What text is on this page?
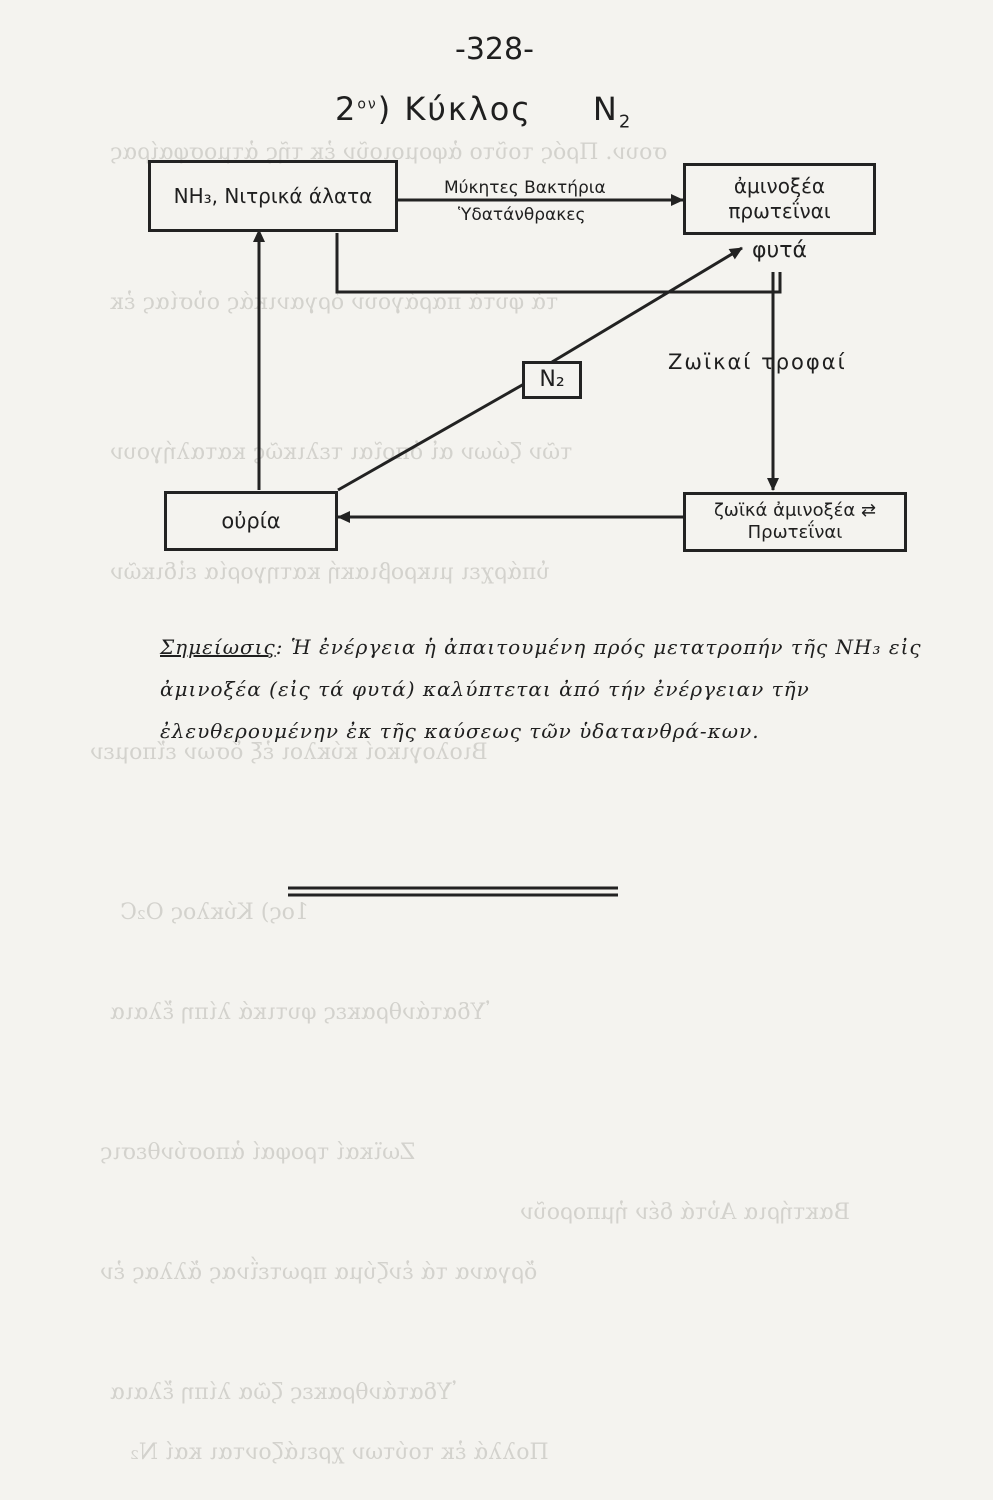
σουν. Πρός τοῦτο ἀφομοιοῦν ἐκ τῆς ἀτμοσφαίρας
τά φυτά παράγουν ὀργανικάς οὐσίας ἐκ
τῶν ζώων αἱ ὁποῖαι τελικῶς καταλήγουν
ὑπάρχει μικροβιακή κατηγορία εἰδικῶν
Βιολογικοί κύκλοι ἐξ ὅσων εἴπομεν
1ος) Κύκλος O₂C
Ὑδατάνθρακες φυτικά λίπη ἔλαια
Ζωϊκαί τροφαί ἀποσύνθεσις
ὄργανα τά ἐνζύμα πρωτεΐνας ἄλλας ἐν
Ὑδατάνθρακες ζῶα λίπη ἔλαια
Πολλά ἐκ τούτων χρειάζονται καί N₂
Βακτήρια Αὐτά δέν ἠμποροῦν
-328-
$2^{o\nu}$) Κύκλος $N_2$
NH₃, Νιτρικά άλατα	ἀμινοξέα πρωτεΐναι
φυτά
Μύκητες Βακτήρια
Ὑδατάνθρακες
Ζωϊκαί τροφαί
N₂
οὐρία	ζωϊκά ἀμινοξέα ⇄ Πρωτεΐναι
Σημείωσις: Ἡ ἐνέργεια ἡ ἀπαιτουμένη πρός μετατροπήν τῆς NH₃ εἰς ἀμινοξέα (εἰς τά φυτά) καλύπτεται ἀπό τήν ἐνέργειαν τῆν ἐλευθερουμένην ἐκ τῆς καύσεως τῶν ὑδατανθρά-κων.
